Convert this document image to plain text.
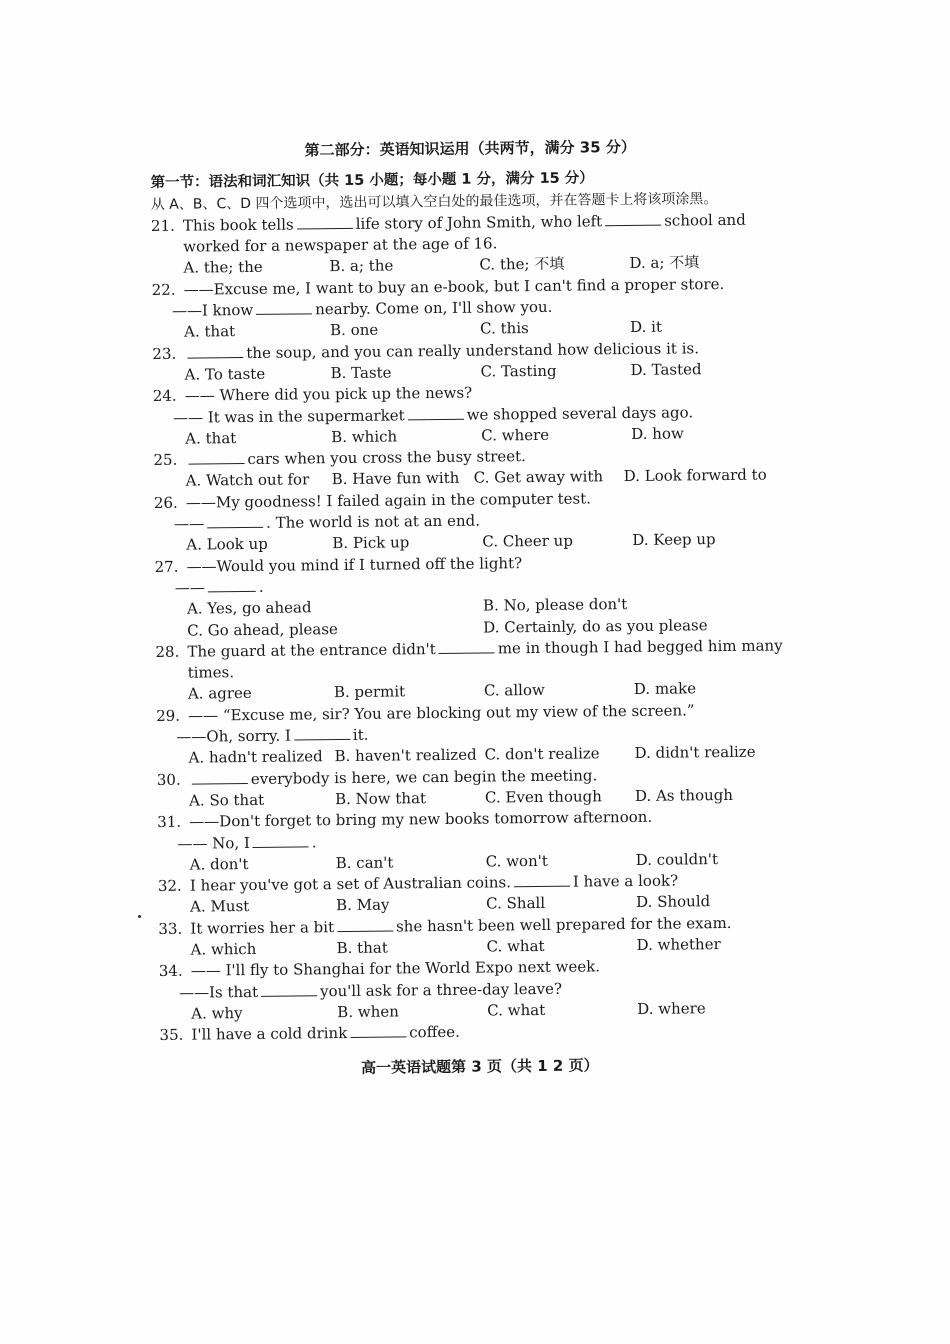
第二部分：英语知识运用（共两节，满分 35 分）
第一节：语法和词汇知识（共 15 小题；每小题 1 分，满分 15 分）
从 A、B、C、D 四个选项中，选出可以填入空白处的最佳选项，并在答题卡上将该项涂黑。
21. This book tells	life story of John Smith, who left	school and
worked for a newspaper at the age of 16.
A. the; the	B. a; the	C. the; 不填	D. a; 不填
22. ——Excuse me, I want to buy an e-book, but I can't find a proper store.
——I know	nearby. Come on, I'll show you.
A. that	B. one	C. this	D. it
23.	the soup, and you can really understand how delicious it is.
A. To taste	B. Taste	C. Tasting	D. Tasted
24. —— Where did you pick up the news?
—— It was in the supermarket	we shopped several days ago.
A. that	B. which	C. where	D. how
25.	cars when you cross the busy street.
A. Watch out for	B. Have fun with C. Get away with	D. Look forward to
26. ——My goodness! I failed again in the computer test.
——	. The world is not at an end.
A. Look up	B. Pick up	C. Cheer up	D. Keep up
27. ——Would you mind if I turned off the light?
——	.
A. Yes, go ahead	B. No, please don't
C. Go ahead, please	D. Certainly, do as you please
28. The guard at the entrance didn't	me in though I had begged him many
times.
A. agree	B. permit	C. allow	D. make
29. —— “Excuse me, sir? You are blocking out my view of the screen.”
——Oh, sorry. I	it.
A. hadn't realized B. haven't realized C. don't realize	D. didn't realize
30.	everybody is here, we can begin the meeting.
A. So that	B. Now that	C. Even though	D. As though
31. ——Don't forget to bring my new books tomorrow afternoon.
—— No, I	.
A. don't	B. can't	C. won't	D. couldn't
32. I hear you've got a set of Australian coins.	I have a look?
A. Must	B. May	C. Shall	D. Should
33. It worries her a bit	she hasn't been well prepared for the exam.
A. which	B. that	C. what	D. whether
34. —— I'll fly to Shanghai for the World Expo next week.
——Is that	you'll ask for a three-day leave?
A. why	B. when	C. what	D. where
35. I'll have a cold drink	coffee.
高一英语试题第 3 页（共 1 2 页）
